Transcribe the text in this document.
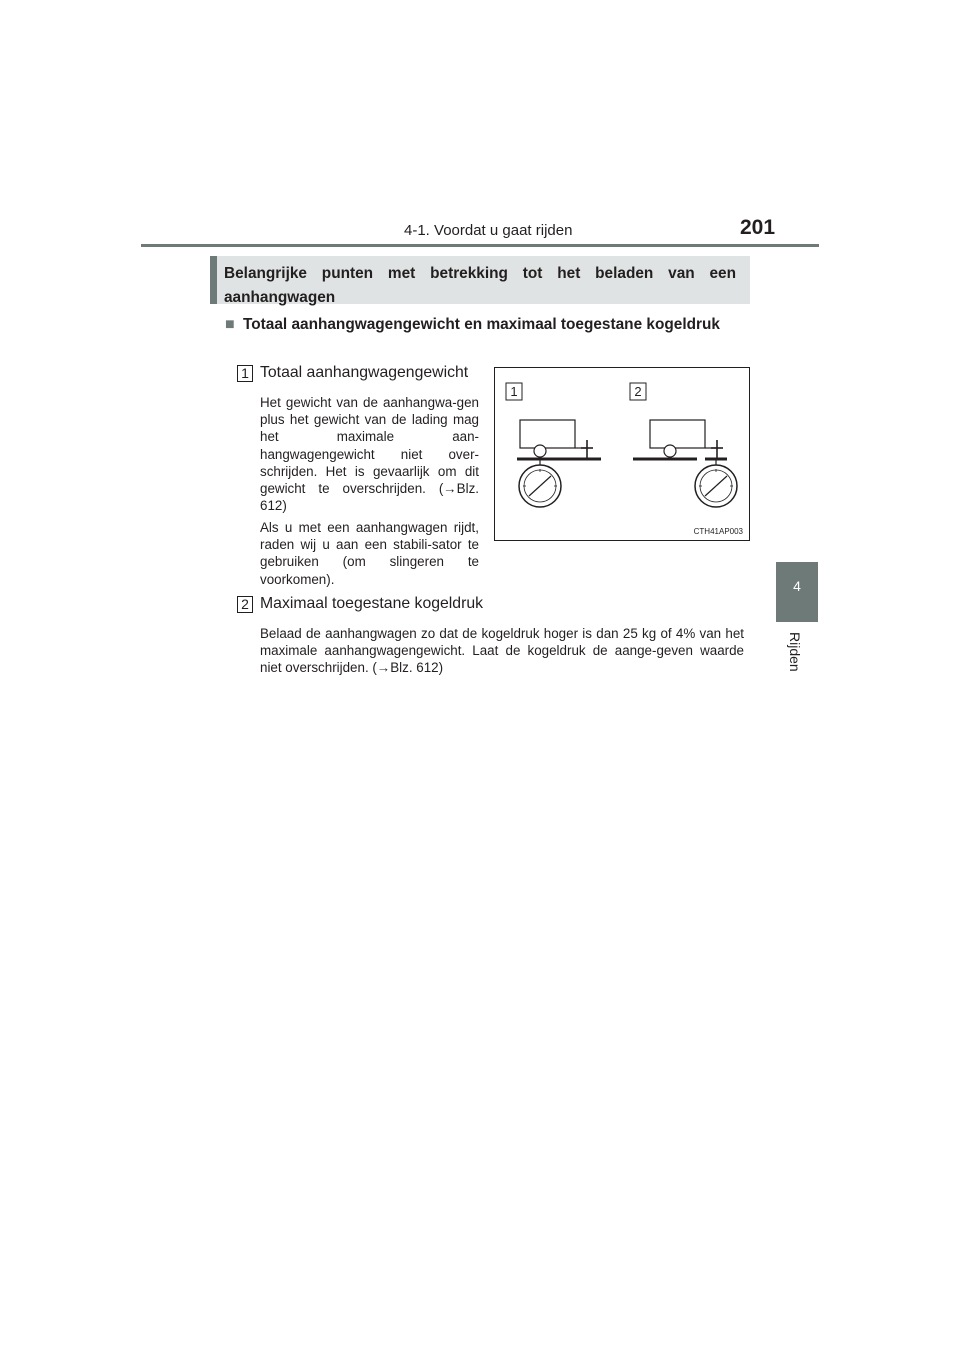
4-1. Voordat u gaat rijden	201
4
Rijden
Belangrijke punten met betrekking tot het beladen van een aanhangwagen
■ Totaal aanhangwagengewicht en maximaal toegestane kogeldruk
1 Totaal aanhangwagengewicht
Het gewicht van de aanhangwa-gen plus het gewicht van de lading mag het maximale aan-hangwagengewicht niet over-schrijden. Het is gevaarlijk om dit gewicht te overschrijden. (→Blz. 612)
Als u met een aanhangwagen rijdt, raden wij u aan een stabili-sator te gebruiken (om slingeren te voorkomen).
1	2
CTH41AP003
2 Maximaal toegestane kogeldruk
Belaad de aanhangwagen zo dat de kogeldruk hoger is dan 25 kg of 4% van het maximale aanhangwagengewicht. Laat de kogeldruk de aange-geven waarde niet overschrijden. (→Blz. 612)
